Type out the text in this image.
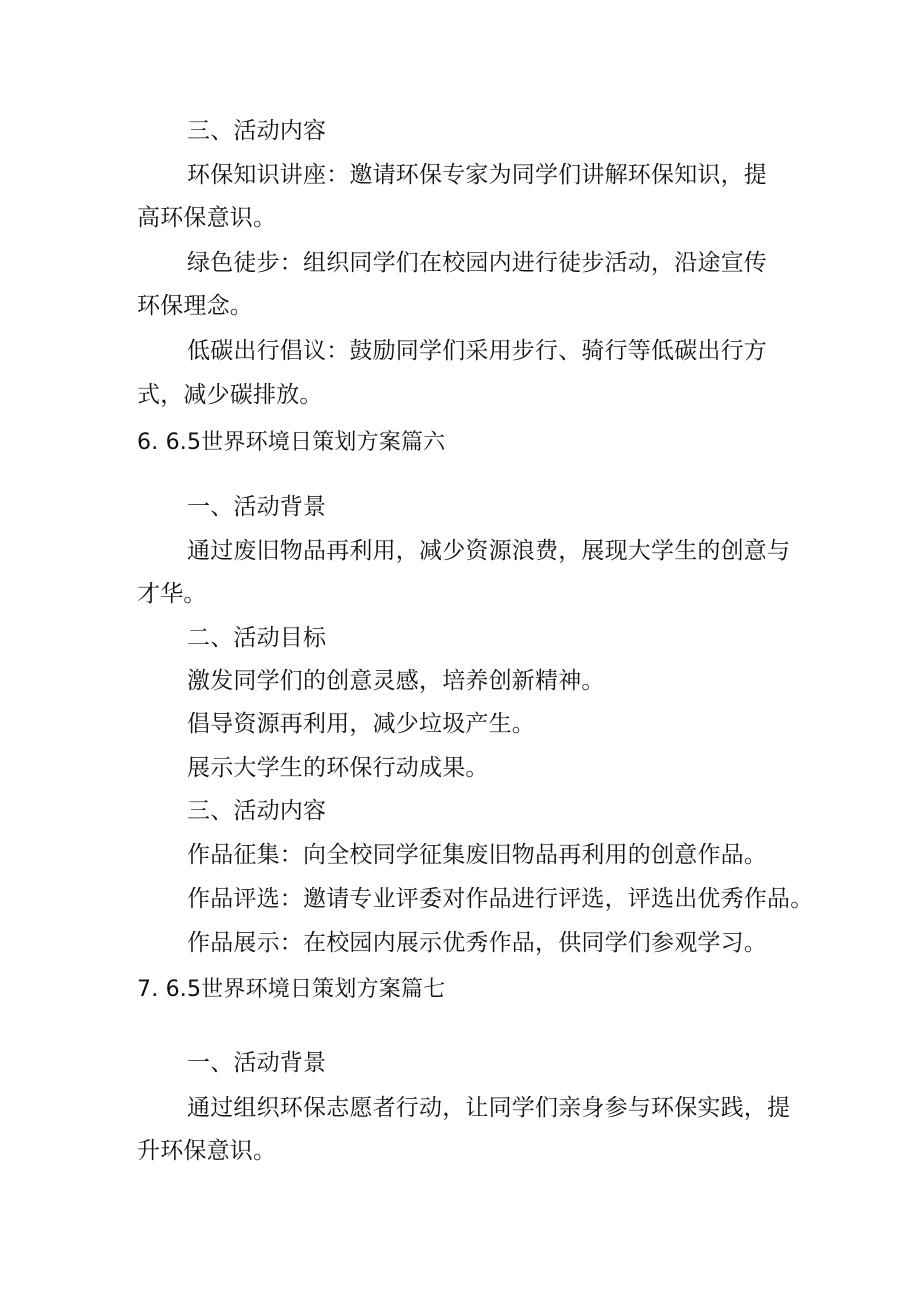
三、活动内容

环保知识讲座：邀请环保专家为同学们讲解环保知识，提

高环保意识。

绿色徒步：组织同学们在校园内进行徒步活动，沿途宣传

环保理念。

低碳出行倡议：鼓励同学们采用步行、骑行等低碳出行方

式，减少碳排放。

6. 6.5世界环境日策划方案篇六

一、活动背景

通过废旧物品再利用，减少资源浪费，展现大学生的创意与

才华。

二、活动目标

激发同学们的创意灵感，培养创新精神。

倡导资源再利用，减少垃圾产生。

展示大学生的环保行动成果。

三、活动内容

作品征集：向全校同学征集废旧物品再利用的创意作品。

作品评选：邀请专业评委对作品进行评选，评选出优秀作品。

作品展示：在校园内展示优秀作品，供同学们参观学习。

7. 6.5世界环境日策划方案篇七

一、活动背景

通过组织环保志愿者行动，让同学们亲身参与环保实践，提

升环保意识。
